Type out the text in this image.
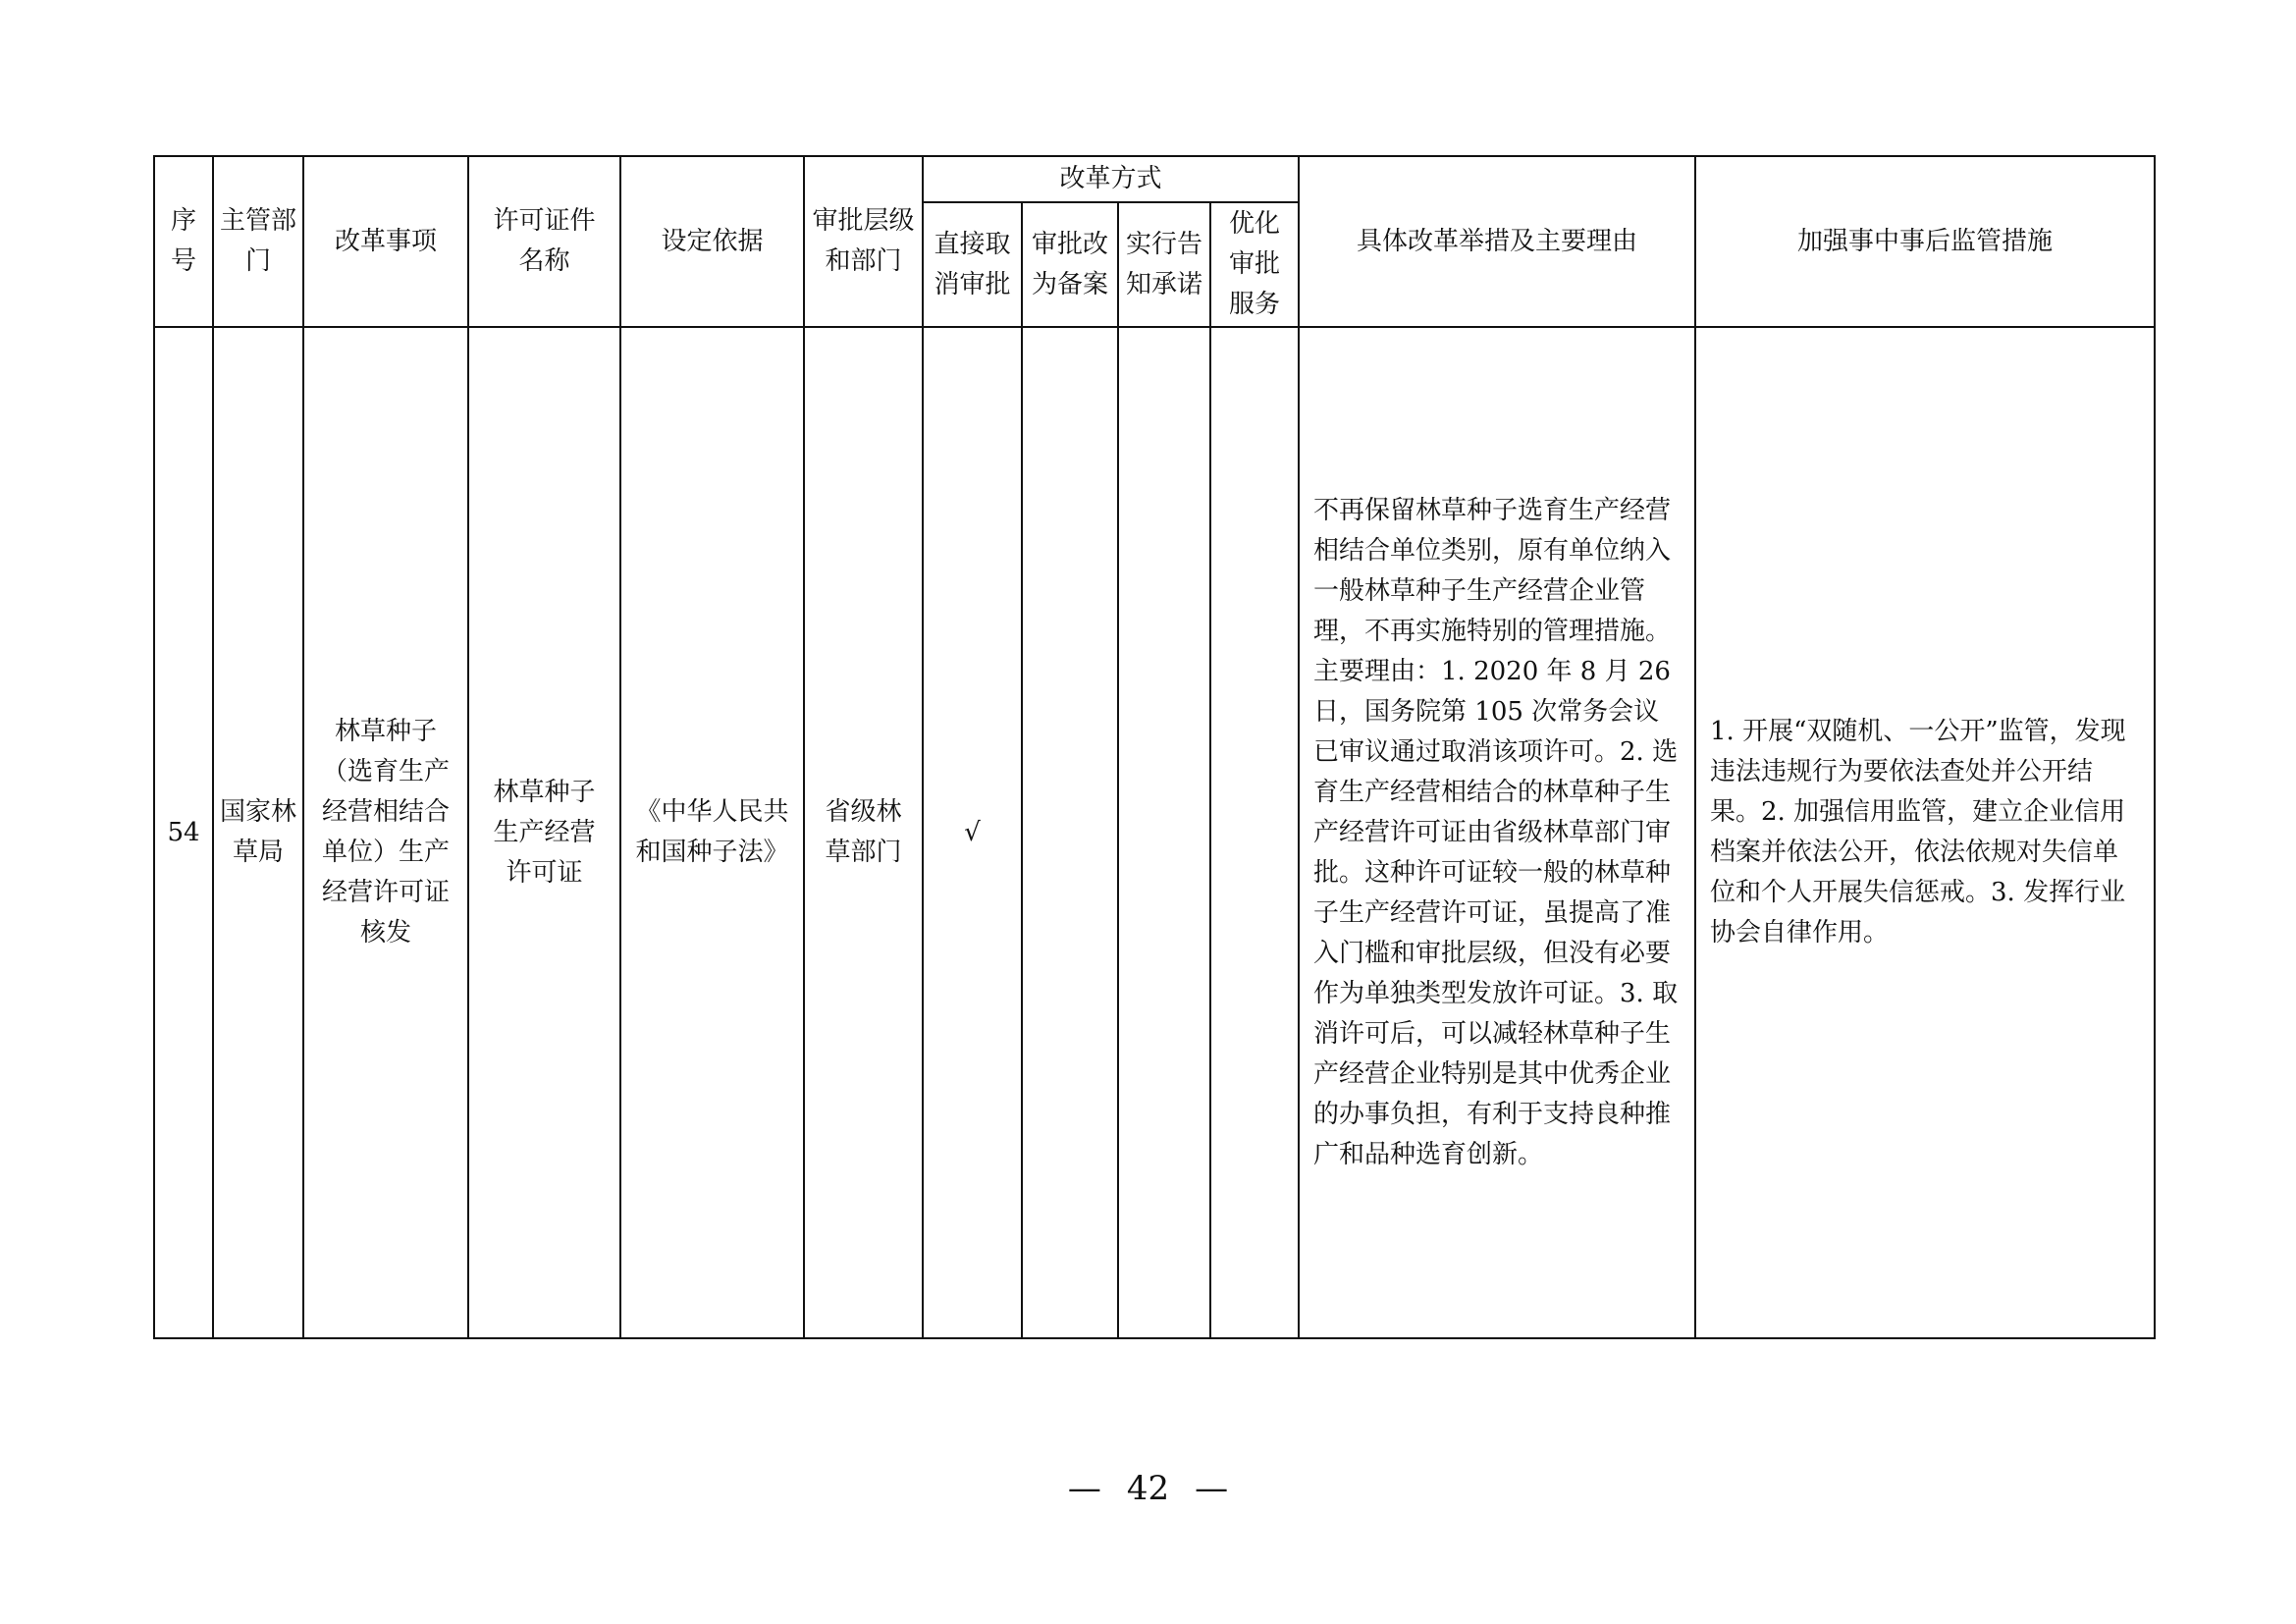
序号	主管部门	改革事项	许可证件名称	设定依据	审批层级和部门	改革方式				具体改革举措及主要理由	加强事中事后监管措施
						直接取消审批	审批改为备案	实行告知承诺	优化审批服务		
54	国家林草局	林草种子（选育生产经营相结合单位）生产经营许可证核发	林草种子生产经营许可证	《中华人民共和国种子法》	省级林草部门	√				不再保留林草种子选育生产经营相结合单位类别，原有单位纳入一般林草种子生产经营企业管理，不再实施特别的管理措施。主要理由：1. 2020 年 8 月 26 日，国务院第 105 次常务会议已审议通过取消该项许可。2. 选育生产经营相结合的林草种子生产经营许可证由省级林草部门审批。这种许可证较一般的林草种子生产经营许可证，虽提高了准入门槛和审批层级，但没有必要作为单独类型发放许可证。3. 取消许可后，可以减轻林草种子生产经营企业特别是其中优秀企业的办事负担，有利于支持良种推广和品种选育创新。	1. 开展“双随机、一公开”监管，发现违法违规行为要依法查处并公开结果。2. 加强信用监管，建立企业信用档案并依法公开，依法依规对失信单位和个人开展失信惩戒。3. 发挥行业协会自律作用。
— 42 —
